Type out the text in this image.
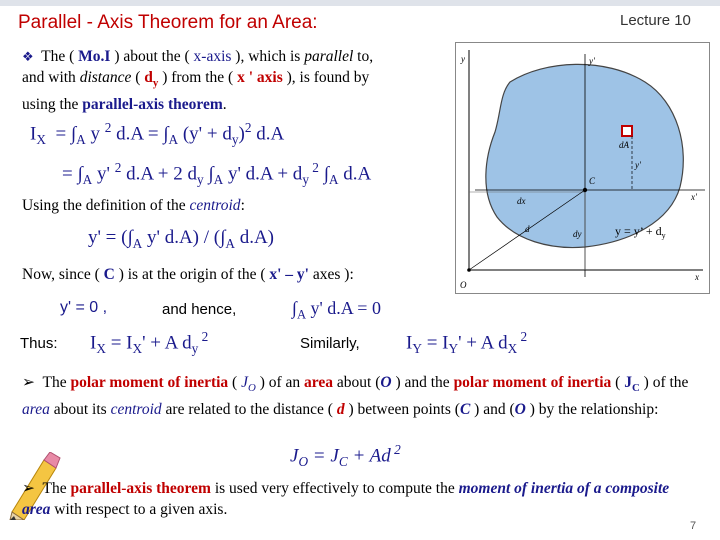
Parallel - Axis Theorem for an Area:	Lecture 10
❖ The ( Mo.I ) about the ( x-axis ), which is parallel to,
and with distance ( $d_y$ ) from the ( x ' axis ), is found by
using the parallel-axis theorem.
$I_X = \int_A$ y $^2$ $d.A = \int_A$ $(y' + d_y)^2$ d.A
= $\int_A$ y' $^2$ d.A + 2 $d_y$ $\int_A$ y' $d.A + d_y$ $^2$ $\int_A$ d.A
Using the definition of the centroid:
$y' = (\int_A$ y' $d.A) / (\int_A$ d.A)
Now, since ( C ) is at the origin of the ( x' – y' axes ):
y' = 0 ,	and hence,	$\int_A$ y' d.A = 0
Thus: $I_X = I_X' + A$ $d_y$ $^2$	Similarly, $I_Y = I_Y' + A$ $d_X$ $^2$
y	y'
x
x'
dA
C
dx
dy
d
O
y'
y = y’ + $d_y$
➢ The polar moment of inertia ( $J_O$ ) of an area about (O ) and the polar moment of inertia ( $J_C$ ) of the area about its centroid are related to the distance ( d ) between points (C ) and (O ) by the relationship:
$J_O = J_C + Ad$ $^2$
➢ The parallel-axis theorem is used very effectively to compute the moment of inertia of a composite area with respect to a given axis.
7
